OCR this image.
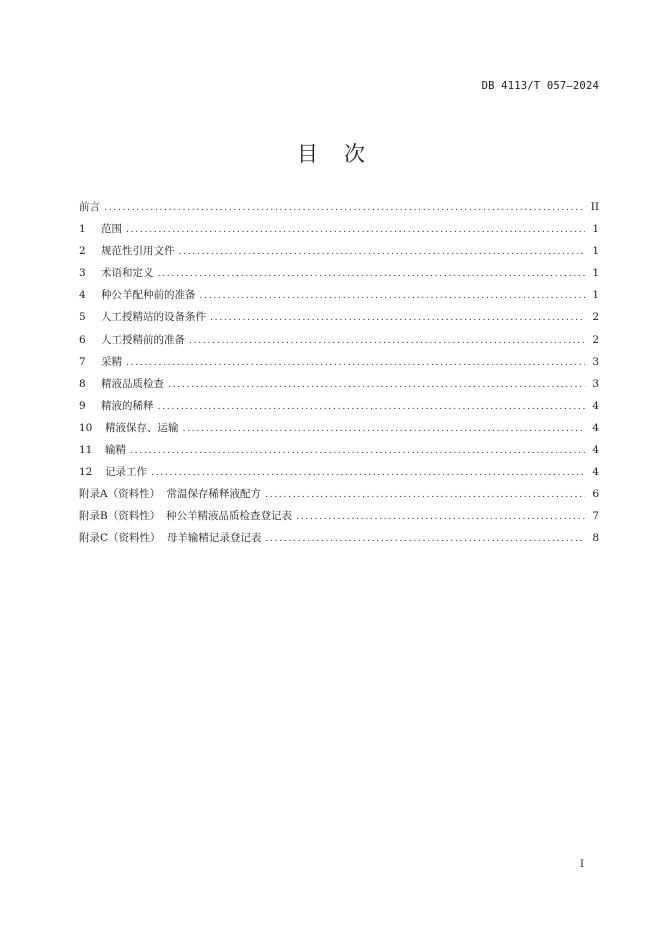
DB 4113/T 057—2024
目次
前言 .....	II
1	范围 .....	1
2	规范性引用文件 .....	1
3	术语和定义 .....	1
4	种公羊配种前的准备 .....	1
5	人工授精站的设备条件 .....	2
6	人工授精前的准备 .....	2
7	采精 .....	3
8	精液品质检查 .....	3
9	精液的稀释 .....	4
10	精液保存、运输 .....	4
11	输精 .....	4
12	记录工作 .....	4
附录A（资料性） 常温保存稀释液配方 .....	6
附录B（资料性） 种公羊精液品质检查登记表 .....	7
附录C（资料性） 母羊输精记录登记表 .....	8
I
